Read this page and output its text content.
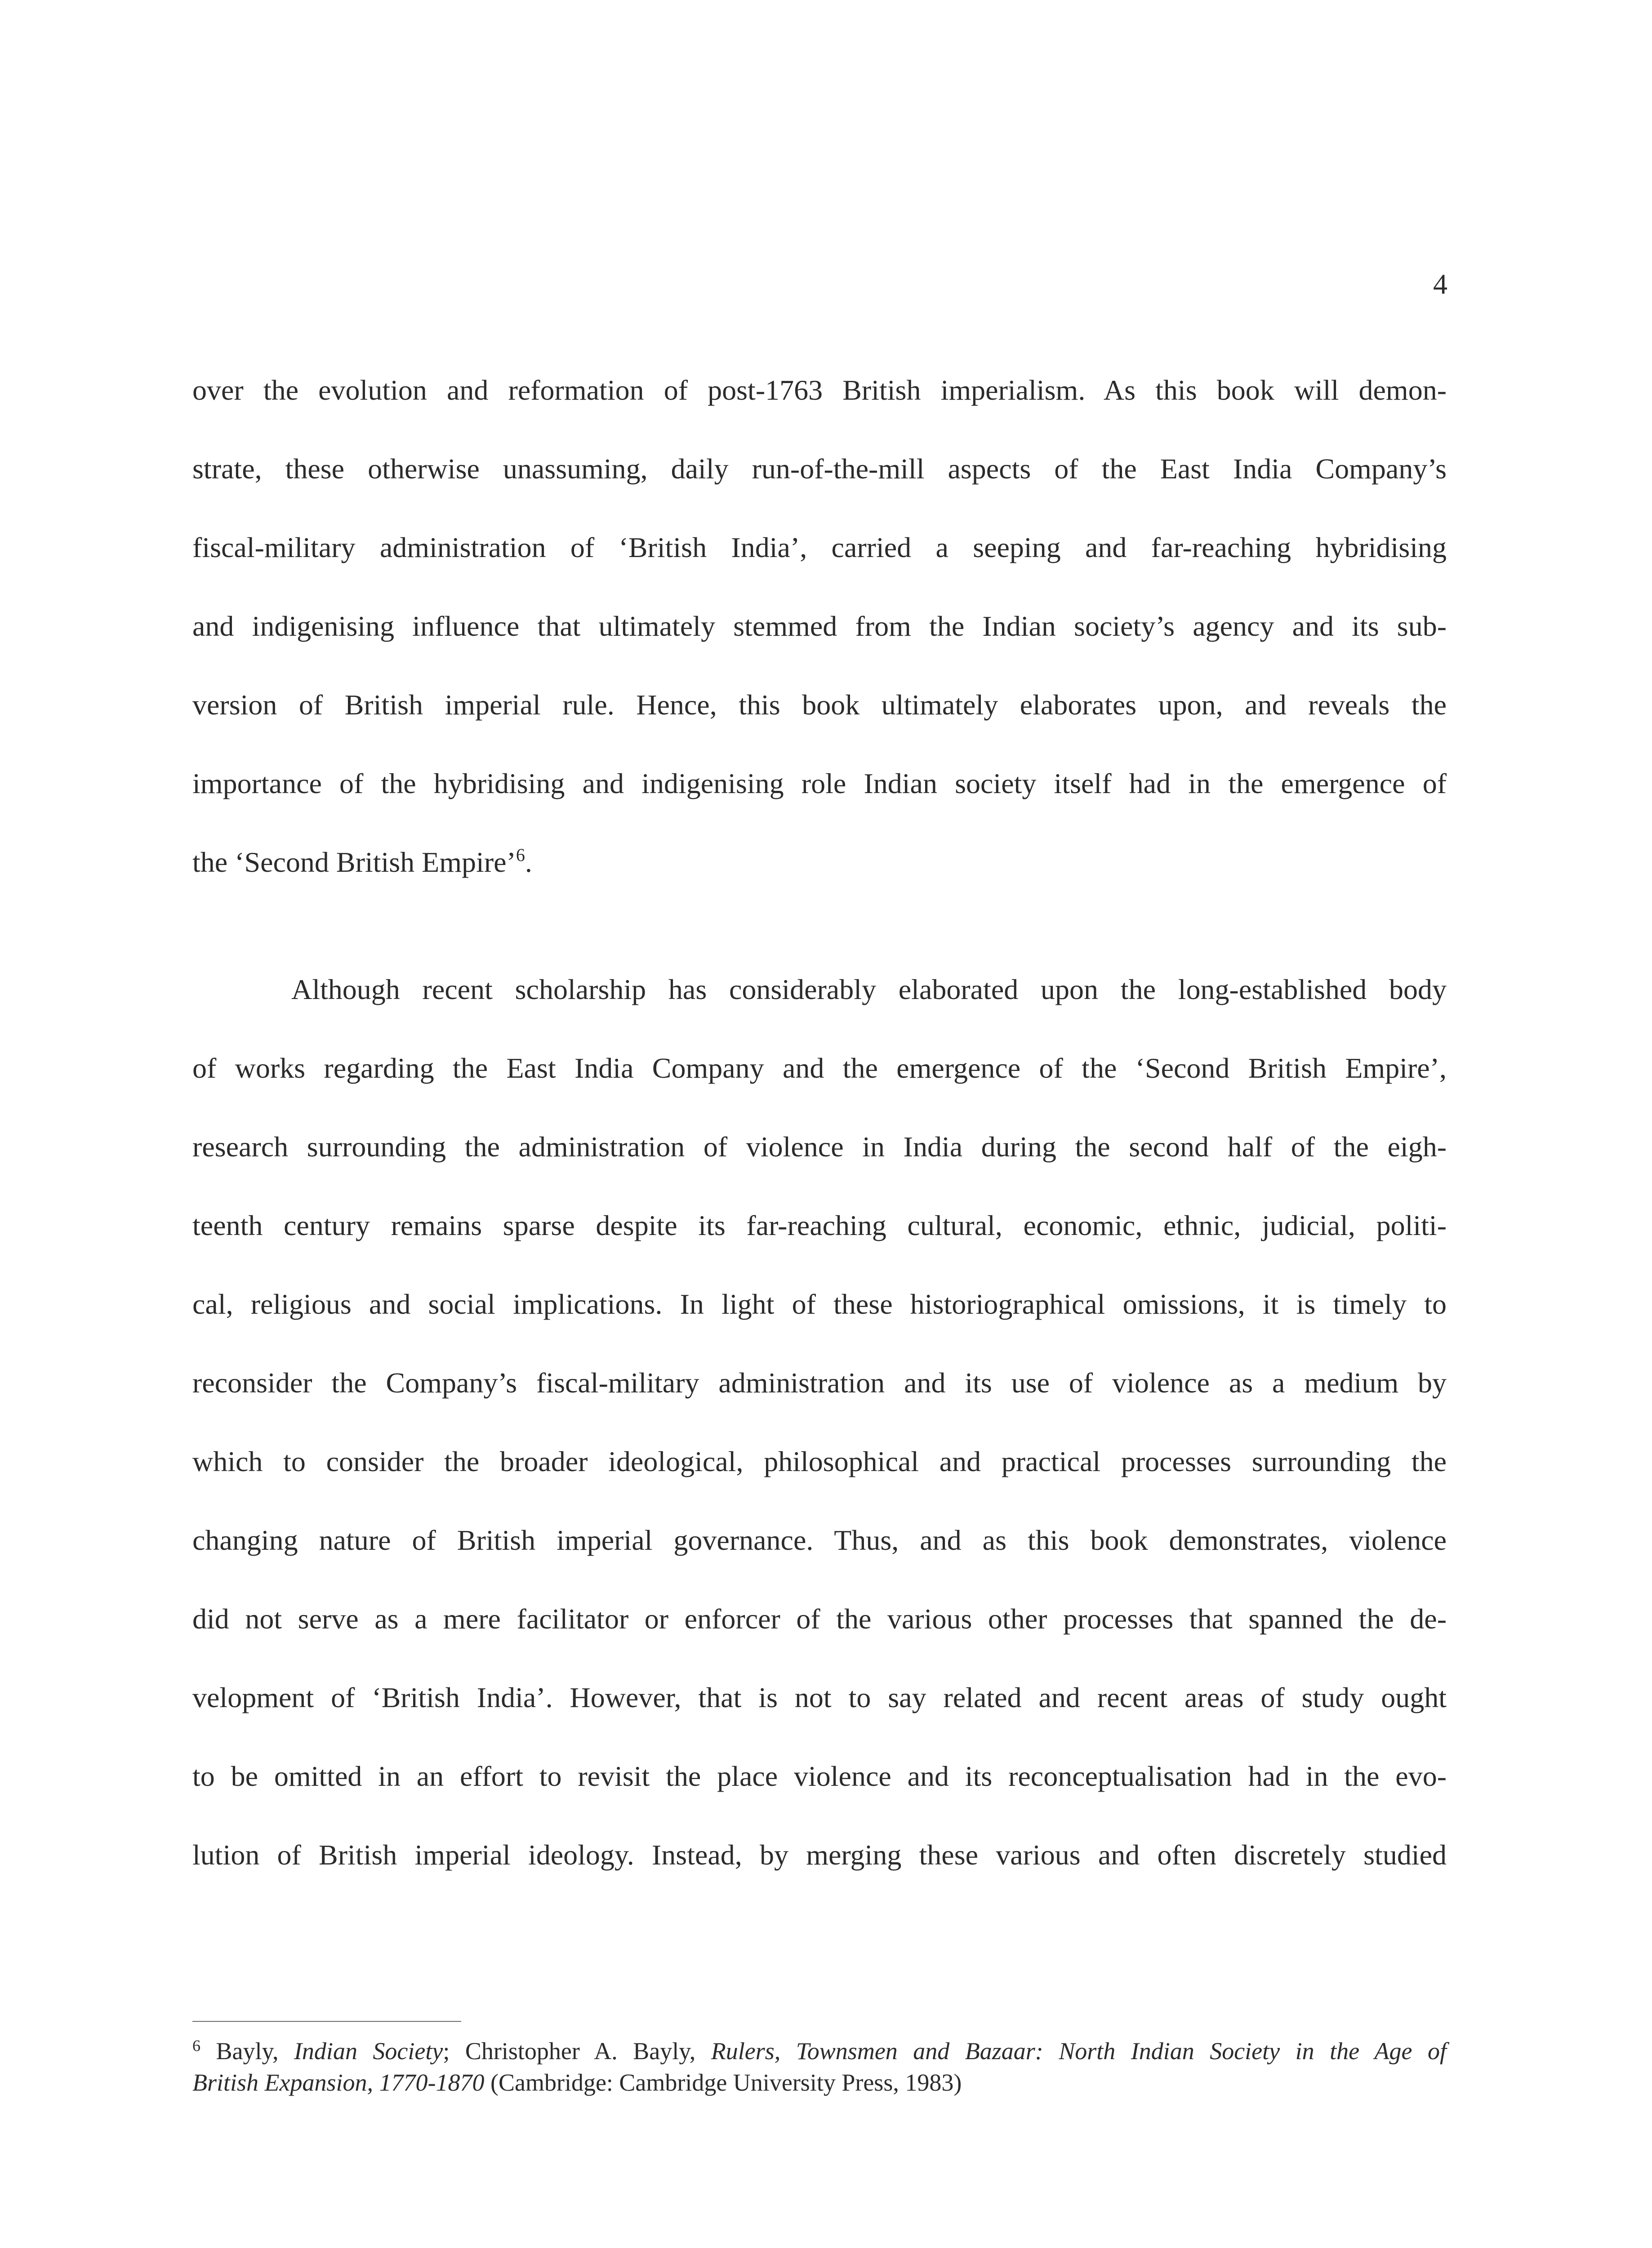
4
over the evolution and reformation of post-1763 British imperialism. As this book will demon-
strate, these otherwise unassuming, daily run-of-the-mill aspects of the East India Company’s
fiscal-military administration of ‘British India’, carried a seeping and far-reaching hybridising
and indigenising influence that ultimately stemmed from the Indian society’s agency and its sub-
version of British imperial rule. Hence, this book ultimately elaborates upon, and reveals the
importance of the hybridising and indigenising role Indian society itself had in the emergence of
the ‘Second British Empire’$^6$.
Although recent scholarship has considerably elaborated upon the long-established body
of works regarding the East India Company and the emergence of the ‘Second British Empire’,
research surrounding the administration of violence in India during the second half of the eigh-
teenth century remains sparse despite its far-reaching cultural, economic, ethnic, judicial, politi-
cal, religious and social implications. In light of these historiographical omissions, it is timely to
reconsider the Company’s fiscal-military administration and its use of violence as a medium by
which to consider the broader ideological, philosophical and practical processes surrounding the
changing nature of British imperial governance. Thus, and as this book demonstrates, violence
did not serve as a mere facilitator or enforcer of the various other processes that spanned the de-
velopment of ‘British India’. However, that is not to say related and recent areas of study ought
to be omitted in an effort to revisit the place violence and its reconceptualisation had in the evo-
lution of British imperial ideology. Instead, by merging these various and often discretely studied
$^6$ Bayly, Indian Society; Christopher A. Bayly, Rulers, Townsmen and Bazaar: North Indian Society in the Age of
British Expansion, 1770-1870 (Cambridge: Cambridge University Press, 1983)
